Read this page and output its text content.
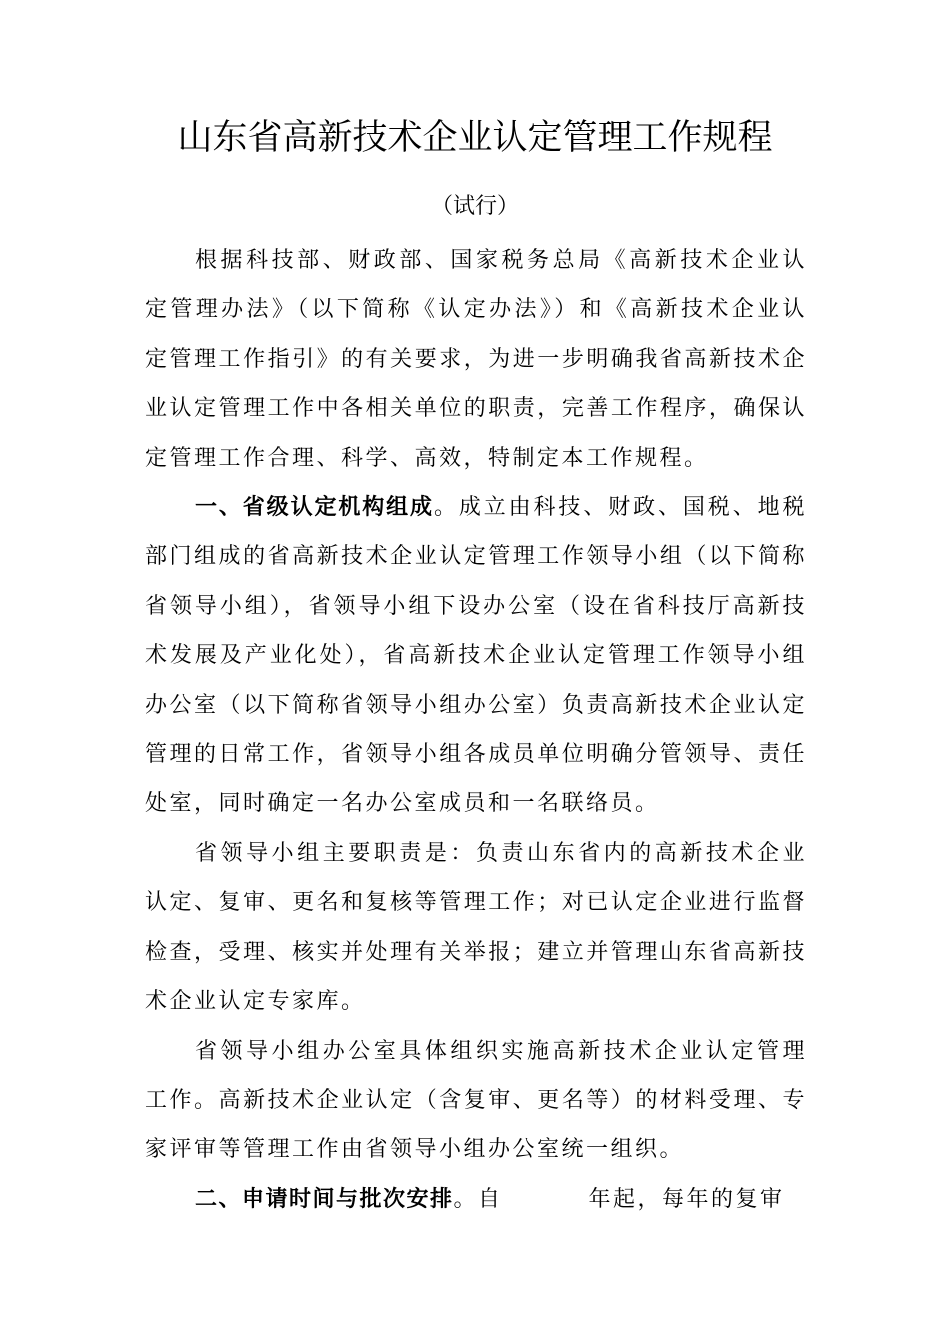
山东省高新技术企业认定管理工作规程
（试行）

根据科技部、财政部、国家税务总局《高新技术企业认定管理办法》（以下简称《认定办法》）和《高新技术企业认定管理工作指引》的有关要求，为进一步明确我省高新技术企业认定管理工作中各相关单位的职责，完善工作程序，确保认定管理工作合理、科学、高效，特制定本工作规程。

一、省级认定机构组成。成立由科技、财政、国税、地税部门组成的省高新技术企业认定管理工作领导小组（以下简称省领导小组），省领导小组下设办公室（设在省科技厅高新技术发展及产业化处），省高新技术企业认定管理工作领导小组办公室（以下简称省领导小组办公室）负责高新技术企业认定管理的日常工作，省领导小组各成员单位明确分管领导、责任处室，同时确定一名办公室成员和一名联络员。

省领导小组主要职责是：负责山东省内的高新技术企业认定、复审、更名和复核等管理工作；对已认定企业进行监督检查，受理、核实并处理有关举报；建立并管理山东省高新技术企业认定专家库。

省领导小组办公室具体组织实施高新技术企业认定管理工作。高新技术企业认定（含复审、更名等）的材料受理、专家评审等管理工作由省领导小组办公室统一组织。

二、申请时间与批次安排。自	年起，每年的复审
